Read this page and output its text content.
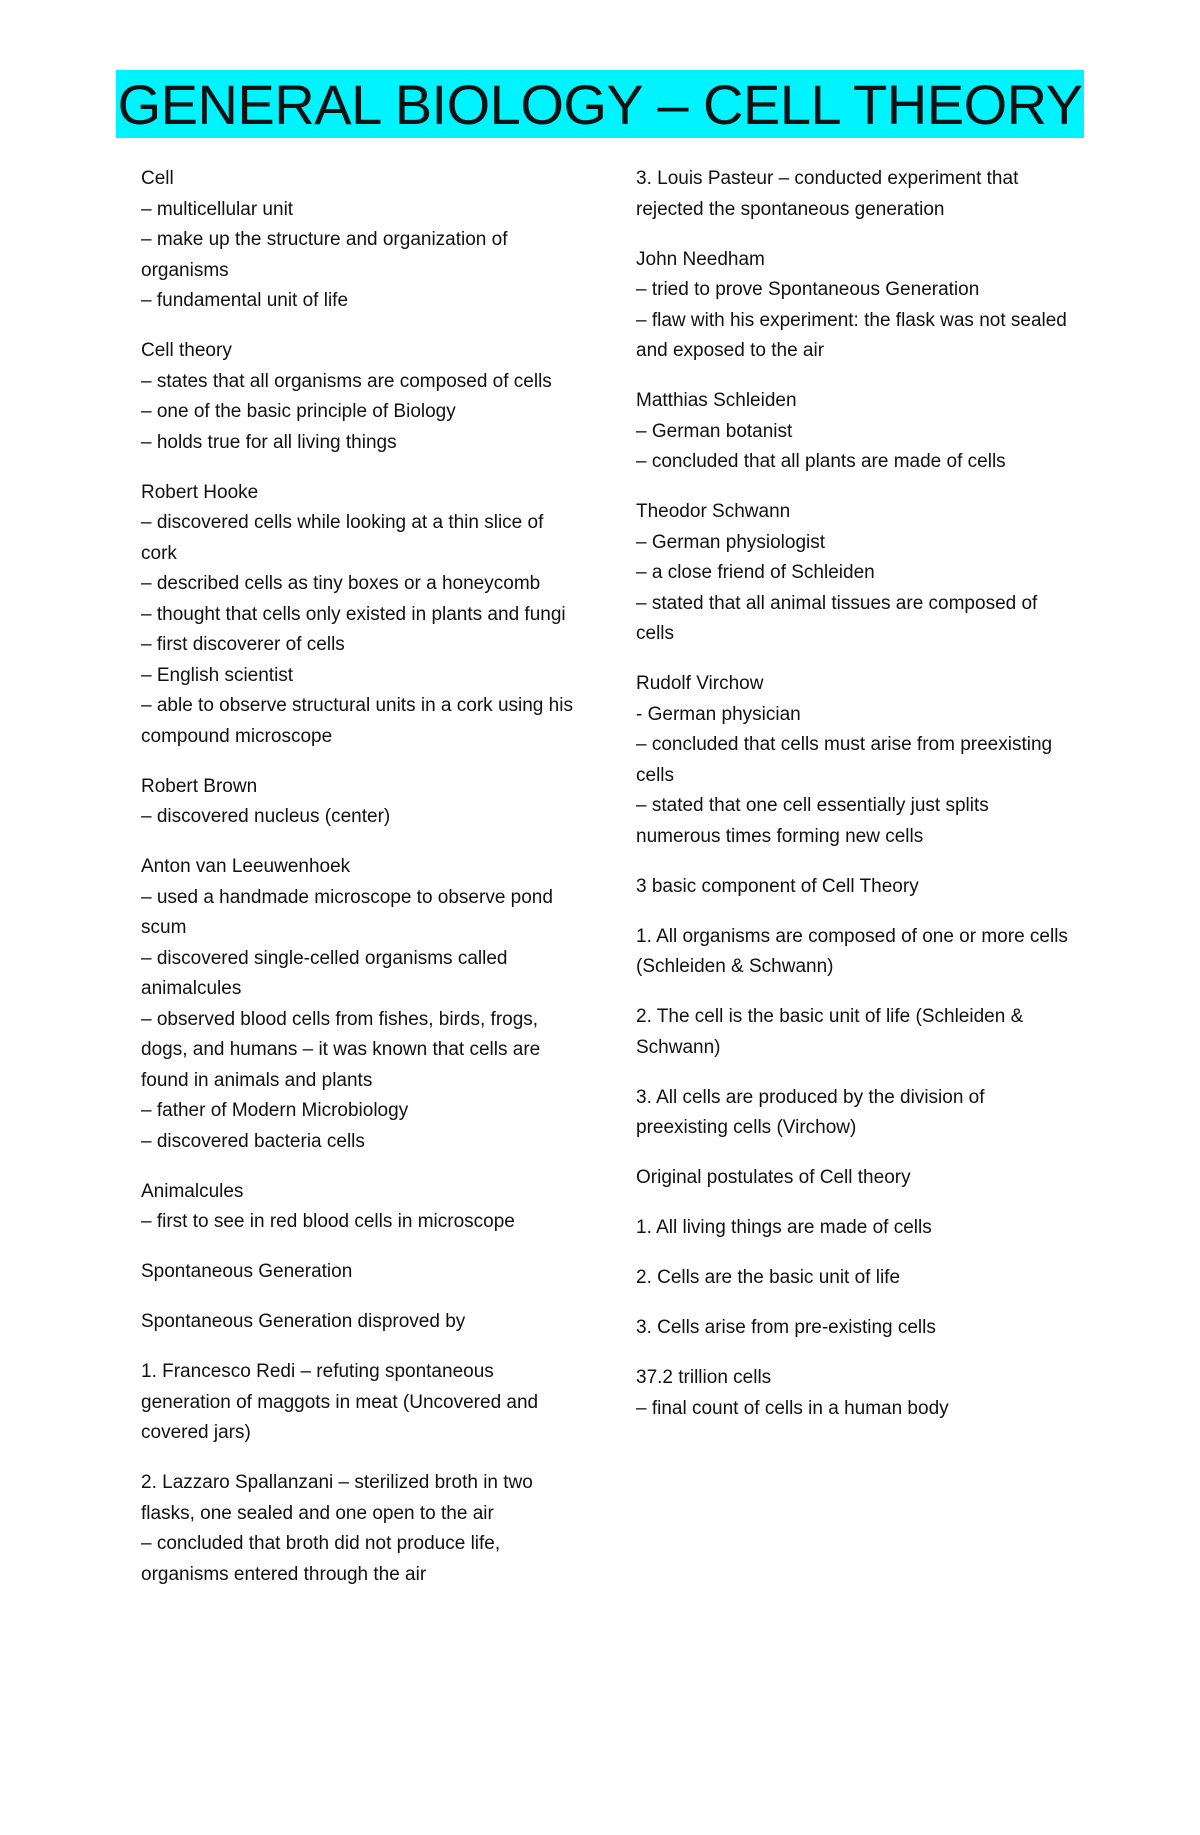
GENERAL BIOLOGY – CELL THEORY
Cell
– multicellular unit
– make up the structure and organization of organisms
– fundamental unit of life
Cell theory
– states that all organisms are composed of cells
– one of the basic principle of Biology
– holds true for all living things
Robert Hooke
– discovered cells while looking at a thin slice of cork
– described cells as tiny boxes or a honeycomb
– thought that cells only existed in plants and fungi
– first discoverer of cells
– English scientist
– able to observe structural units in a cork using his compound microscope
Robert Brown
– discovered nucleus (center)
Anton van Leeuwenhoek
– used a handmade microscope to observe pond scum
– discovered single-celled organisms called animalcules
– observed blood cells from fishes, birds, frogs, dogs, and humans – it was known that cells are found in animals and plants
– father of Modern Microbiology
– discovered bacteria cells
Animalcules
– first to see in red blood cells in microscope
Spontaneous Generation
Spontaneous Generation disproved by
1. Francesco Redi – refuting spontaneous generation of maggots in meat (Uncovered and covered jars)
2. Lazzaro Spallanzani – sterilized broth in two flasks, one sealed and one open to the air
– concluded that broth did not produce life, organisms entered through the air
3. Louis Pasteur – conducted experiment that rejected the spontaneous generation
John Needham
– tried to prove Spontaneous Generation
– flaw with his experiment: the flask was not sealed and exposed to the air
Matthias Schleiden
– German botanist
– concluded that all plants are made of cells
Theodor Schwann
– German physiologist
– a close friend of Schleiden
– stated that all animal tissues are composed of cells
Rudolf Virchow
- German physician
– concluded that cells must arise from preexisting cells
– stated that one cell essentially just splits numerous times forming new cells
3 basic component of Cell Theory
1. All organisms are composed of one or more cells (Schleiden & Schwann)
2. The cell is the basic unit of life (Schleiden & Schwann)
3. All cells are produced by the division of preexisting cells (Virchow)
Original postulates of Cell theory
1. All living things are made of cells
2. Cells are the basic unit of life
3. Cells arise from pre-existing cells
37.2 trillion cells
– final count of cells in a human body
